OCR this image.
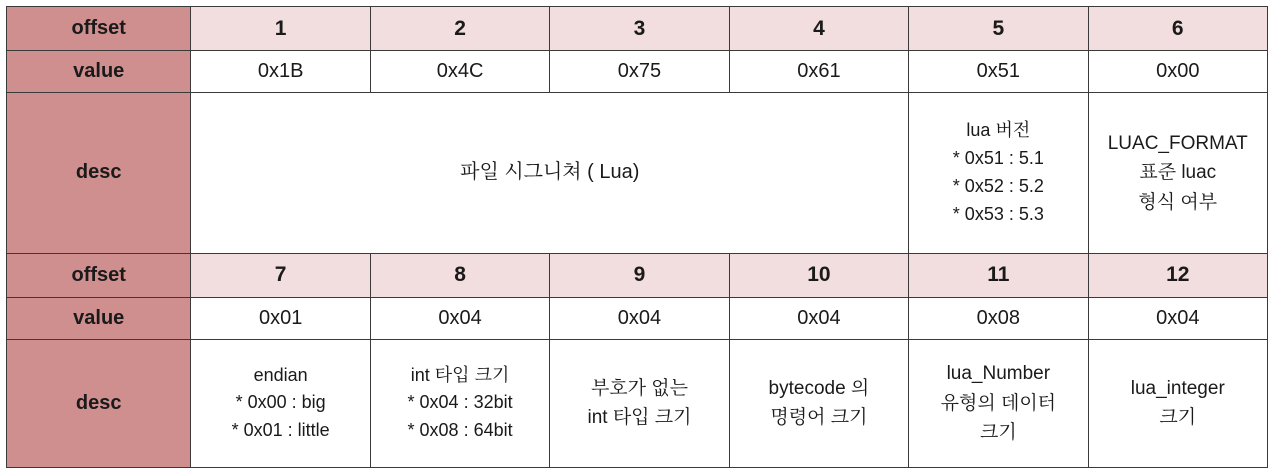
offset	1	2	3	4	5	6
value	0x1B	0x4C	0x75	0x61	0x51	0x00
desc	파일 시그니쳐 ( Lua)				lua 버전
* 0x51 : 5.1
* 0x52 : 5.2
* 0x53 : 5.3	LUAC_FORMAT
표준 luac
형식 여부

offset	7	8	9	10	11	12
value	0x01	0x04	0x04	0x04	0x08	0x04
desc	endian
* 0x00 : big
* 0x01 : little	int 타입 크기
* 0x04 : 32bit
* 0x08 : 64bit	부호가 없는
int 타입 크기	bytecode 의
명령어 크기	lua_Number
유형의 데이터
크기	lua_integer
크기
